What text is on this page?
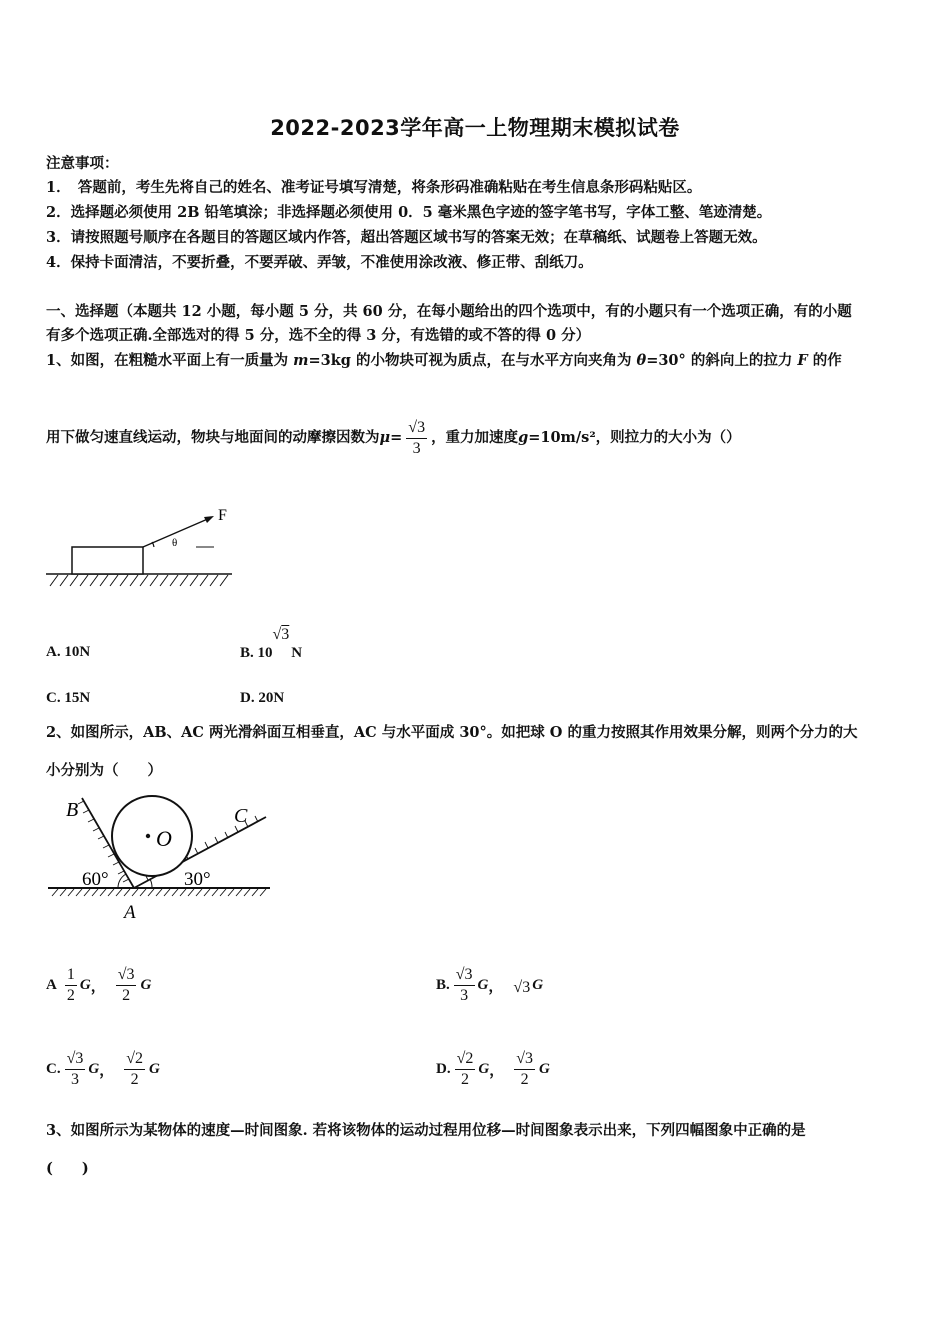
2022-2023学年高一上物理期末模拟试卷
注意事项：
1．　答题前，考生先将自己的姓名、准考证号填写清楚，将条形码准确粘贴在考生信息条形码粘贴区。
2．选择题必须使用 2B 铅笔填涂；非选择题必须使用 0．5 毫米黑色字迹的签字笔书写，字体工整、笔迹清楚。
3．请按照题号顺序在各题目的答题区域内作答，超出答题区域书写的答案无效；在草稿纸、试题卷上答题无效。
4．保持卡面清洁，不要折叠，不要弄破、弄皱，不准使用涂改液、修正带、刮纸刀。
一、选择题（本题共 12 小题，每小题 5 分，共 60 分，在每小题给出的四个选项中，有的小题只有一个选项正确，有的小题
有多个选项正确.全部选对的得 5 分，选不全的得 3 分，有选错的或不答的得 0 分）
1、如图，在粗糙水平面上有一质量为 m=3kg 的小物块可视为质点，在与水平方向夹角为 θ=30° 的斜向上的拉力 F 的作
用下做匀速直线运动，物块与地面间的动摩擦因数为 $\mu = \frac{√3}{3}$ ，重力加速度 g =10m/s²，则拉力的大小为（）
F
θ
A. 10N	B. 10√3N
C. 15N	D. 20N
2、如图所示，AB、AC 两光滑斜面互相垂直，AC 与水平面成 30°。如把球 O 的重力按照其作用效果分解，则两个分力的大
小分别为（　　）
B	C
O
A
60°	30°
A $\frac{1}{2}$ G ， $\frac{√3}{2}$ G	B. $\frac{√3}{3}$ G ， √3 G
C. $\frac{√3}{3}$ G ， $\frac{√2}{2}$ G	D. $\frac{√2}{2}$ G ， $\frac{√3}{2}$ G
3、如图所示为某物体的速度—时间图象. 若将该物体的运动过程用位移—时间图象表示出来，下列四幅图象中正确的是
(　　)
